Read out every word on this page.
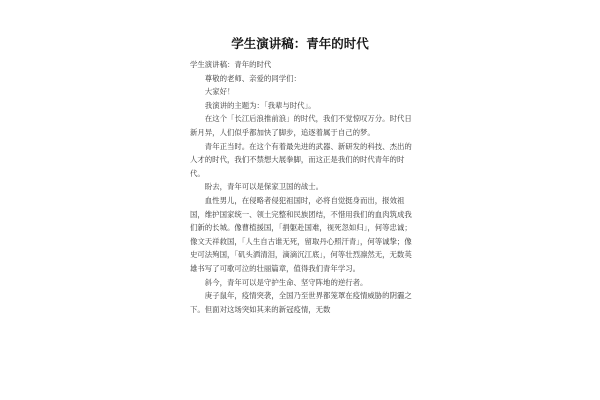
学生演讲稿：青年的时代

学生演讲稿：青年的时代

尊敬的老师、亲爱的同学们：

大家好！

我演讲的主题为：「我辈与时代」。

在这个「长江后浪推前浪」的时代，我们不觉惊叹万分。时代日新月异，人们似乎都加快了脚步，追逐着属于自己的梦。

青年正当时。在这个有着最先进的武器、新研发的科技、杰出的人才的时代，我们不禁想大展拳脚，而这正是我们的时代青年的时代。

盼去，青年可以是保家卫国的战士。

血性男儿，在侵略者侵犯祖国时，必将自觉挺身而出，报效祖国，维护国家统一、领土完整和民族团结，不惜用我们的血肉筑成我们新的长城。像曹植援国，「捐躯赴国难，视死忽如归」，何等忠诚；像文天祥救国，「人生自古谁无死，留取丹心照汗青」，何等诚挚；像史可法殉国，「矶头洒清泪，滴滴沉江底」，何等壮烈凛然无，无数英雄书写了可歌可泣的壮丽篇章，值得我们青年学习。

斜今，青年可以是守护生命、坚守阵地的逆行者。

庚子鼠年，疫情突袭，全国乃至世界都笼罩在疫情威胁的阴霾之下。但面对这场突如其来的新冠疫情，无数
